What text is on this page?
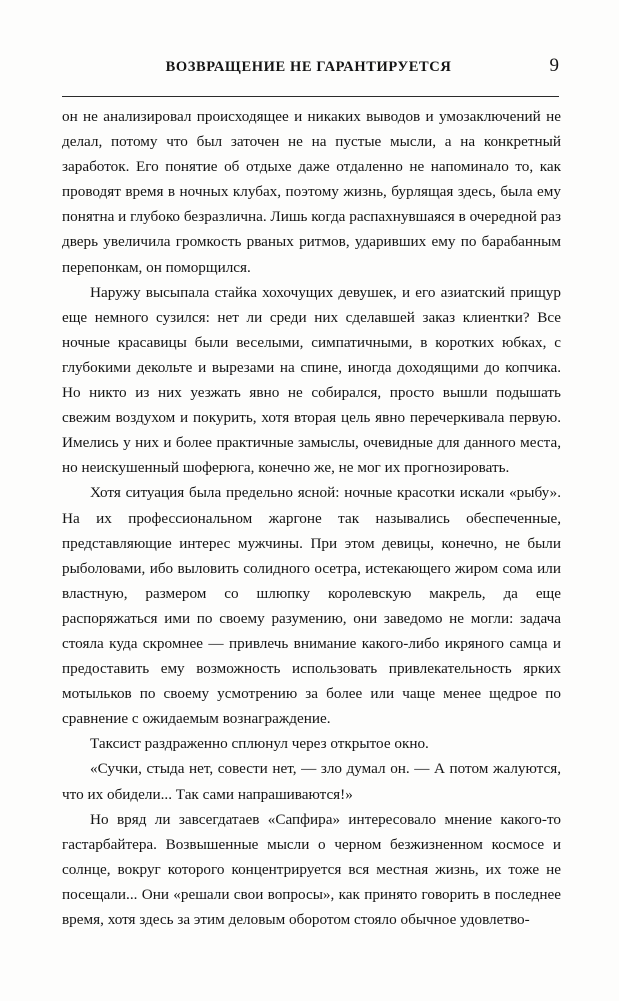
ВОЗВРАЩЕНИЕ НЕ ГАРАНТИРУЕТСЯ	9

он не анализировал происходящее и никаких выводов и умозаключений не делал, потому что был заточен не на пустые мысли, а на конкретный заработок. Его понятие об отдыхе даже отдаленно не напоминало то, как проводят время в ночных клубах, поэтому жизнь, бурлящая здесь, была ему понятна и глубоко безразлична. Лишь когда распахнувшаяся в очередной раз дверь увеличила громкость рваных ритмов, ударивших ему по барабанным перепонкам, он поморщился.

Наружу высыпала стайка хохочущих девушек, и его азиатский прищур еще немного сузился: нет ли среди них сделавшей заказ клиентки? Все ночные красавицы были веселыми, симпатичными, в коротких юбках, с глубокими декольте и вырезами на спине, иногда доходящими до копчика. Но никто из них уезжать явно не собирался, просто вышли подышать свежим воздухом и покурить, хотя вторая цель явно перечеркивала первую. Имелись у них и более практичные замыслы, очевидные для данного места, но неискушенный шоферюга, конечно же, не мог их прогнозировать.

Хотя ситуация была предельно ясной: ночные красотки искали «рыбу». На их профессиональном жаргоне так назывались обеспеченные, представляющие интерес мужчины. При этом девицы, конечно, не были рыболовами, ибо выловить солидного осетра, истекающего жиром сома или властную, размером со шлюпку королевскую макрель, да еще распоряжаться ими по своему разумению, они заведомо не могли: задача стояла куда скромнее — привлечь внимание какого-либо икряного самца и предоставить ему возможность использовать привлекательность ярких мотыльков по своему усмотрению за более или чаще менее щедрое по сравнение с ожидаемым вознаграждение.

Таксист раздраженно сплюнул через открытое окно.

«Сучки, стыда нет, совести нет, — зло думал он. — А потом жалуются, что их обидели... Так сами напрашиваются!»

Но вряд ли завсегдатаев «Сапфира» интересовало мнение какого-то гастарбайтера. Возвышенные мысли о черном безжизненном космосе и солнце, вокруг которого концентрируется вся местная жизнь, их тоже не посещали... Они «решали свои вопросы», как принято говорить в последнее время, хотя здесь за этим деловым оборотом стояло обычное удовлетво-
